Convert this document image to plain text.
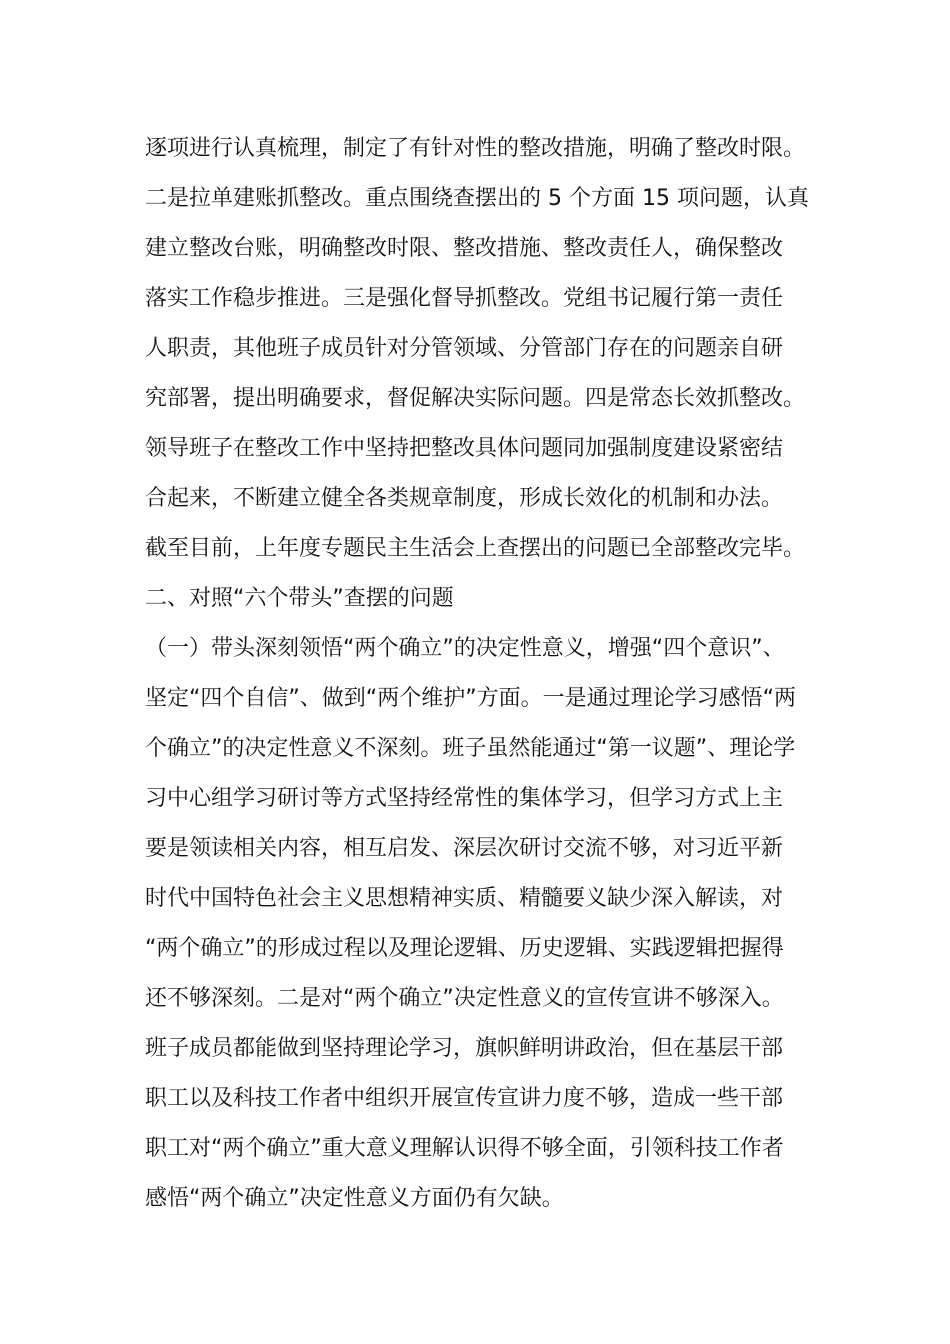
逐项进行认真梳理，制定了有针对性的整改措施，明确了整改时限。
二是拉单建账抓整改。重点围绕查摆出的 5 个方面 15 项问题，认真
建立整改台账，明确整改时限、整改措施、整改责任人，确保整改
落实工作稳步推进。三是强化督导抓整改。党组书记履行第一责任
人职责，其他班子成员针对分管领域、分管部门存在的问题亲自研
究部署，提出明确要求，督促解决实际问题。四是常态长效抓整改。
领导班子在整改工作中坚持把整改具体问题同加强制度建设紧密结
合起来，不断建立健全各类规章制度，形成长效化的机制和办法。
截至目前，上年度专题民主生活会上查摆出的问题已全部整改完毕。
二、对照“六个带头”查摆的问题
（一）带头深刻领悟“两个确立”的决定性意义，增强“四个意识”、
坚定“四个自信”、做到“两个维护”方面。一是通过理论学习感悟“两
个确立”的决定性意义不深刻。班子虽然能通过“第一议题”、理论学
习中心组学习研讨等方式坚持经常性的集体学习，但学习方式上主
要是领读相关内容，相互启发、深层次研讨交流不够，对习近平新
时代中国特色社会主义思想精神实质、精髓要义缺少深入解读，对
“两个确立”的形成过程以及理论逻辑、历史逻辑、实践逻辑把握得
还不够深刻。二是对“两个确立”决定性意义的宣传宣讲不够深入。
班子成员都能做到坚持理论学习，旗帜鲜明讲政治，但在基层干部
职工以及科技工作者中组织开展宣传宣讲力度不够，造成一些干部
职工对“两个确立”重大意义理解认识得不够全面，引领科技工作者
感悟“两个确立”决定性意义方面仍有欠缺。
